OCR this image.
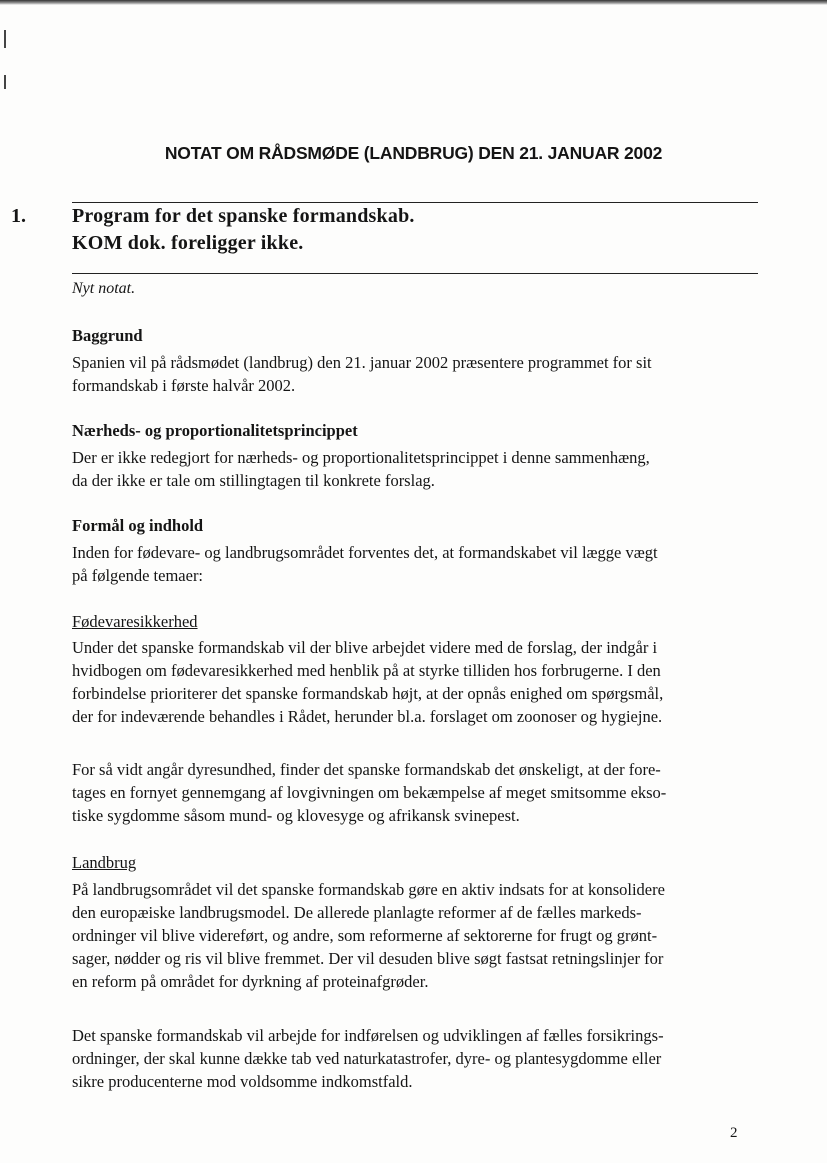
NOTAT OM RÅDSMØDE (LANDBRUG) DEN 21. JANUAR 2002
1. Program for det spanske formandskab.
KOM dok. foreligger ikke.
Nyt notat.
Baggrund
Spanien vil på rådsmødet (landbrug) den 21. januar 2002 præsentere programmet for sit
formandskab i første halvår 2002.
Nærheds- og proportionalitetsprincippet
Der er ikke redegjort for nærheds- og proportionalitetsprincippet i denne sammenhæng,
da der ikke er tale om stillingtagen til konkrete forslag.
Formål og indhold
Inden for fødevare- og landbrugsområdet forventes det, at formandskabet vil lægge vægt
på følgende temaer:
Fødevaresikkerhed
Under det spanske formandskab vil der blive arbejdet videre med de forslag, der indgår i
hvidbogen om fødevaresikkerhed med henblik på at styrke tilliden hos forbrugerne. I den
forbindelse prioriterer det spanske formandskab højt, at der opnås enighed om spørgsmål,
der for indeværende behandles i Rådet, herunder bl.a. forslaget om zoonoser og hygiejne.
For så vidt angår dyresundhed, finder det spanske formandskab det ønskeligt, at der fore-
tages en fornyet gennemgang af lovgivningen om bekæmpelse af meget smitsomme ekso-
tiske sygdomme såsom mund- og klovesyge og afrikansk svinepest.
Landbrug
På landbrugsområdet vil det spanske formandskab gøre en aktiv indsats for at konsolidere
den europæiske landbrugsmodel. De allerede planlagte reformer af de fælles markeds-
ordninger vil blive videreført, og andre, som reformerne af sektorerne for frugt og grønt-
sager, nødder og ris vil blive fremmet. Der vil desuden blive søgt fastsat retningslinjer for
en reform på området for dyrkning af proteinafgrøder.
Det spanske formandskab vil arbejde for indførelsen og udviklingen af fælles forsikrings-
ordninger, der skal kunne dække tab ved naturkatastrofer, dyre- og plantesygdomme eller
sikre producenterne mod voldsomme indkomstfald.
2
